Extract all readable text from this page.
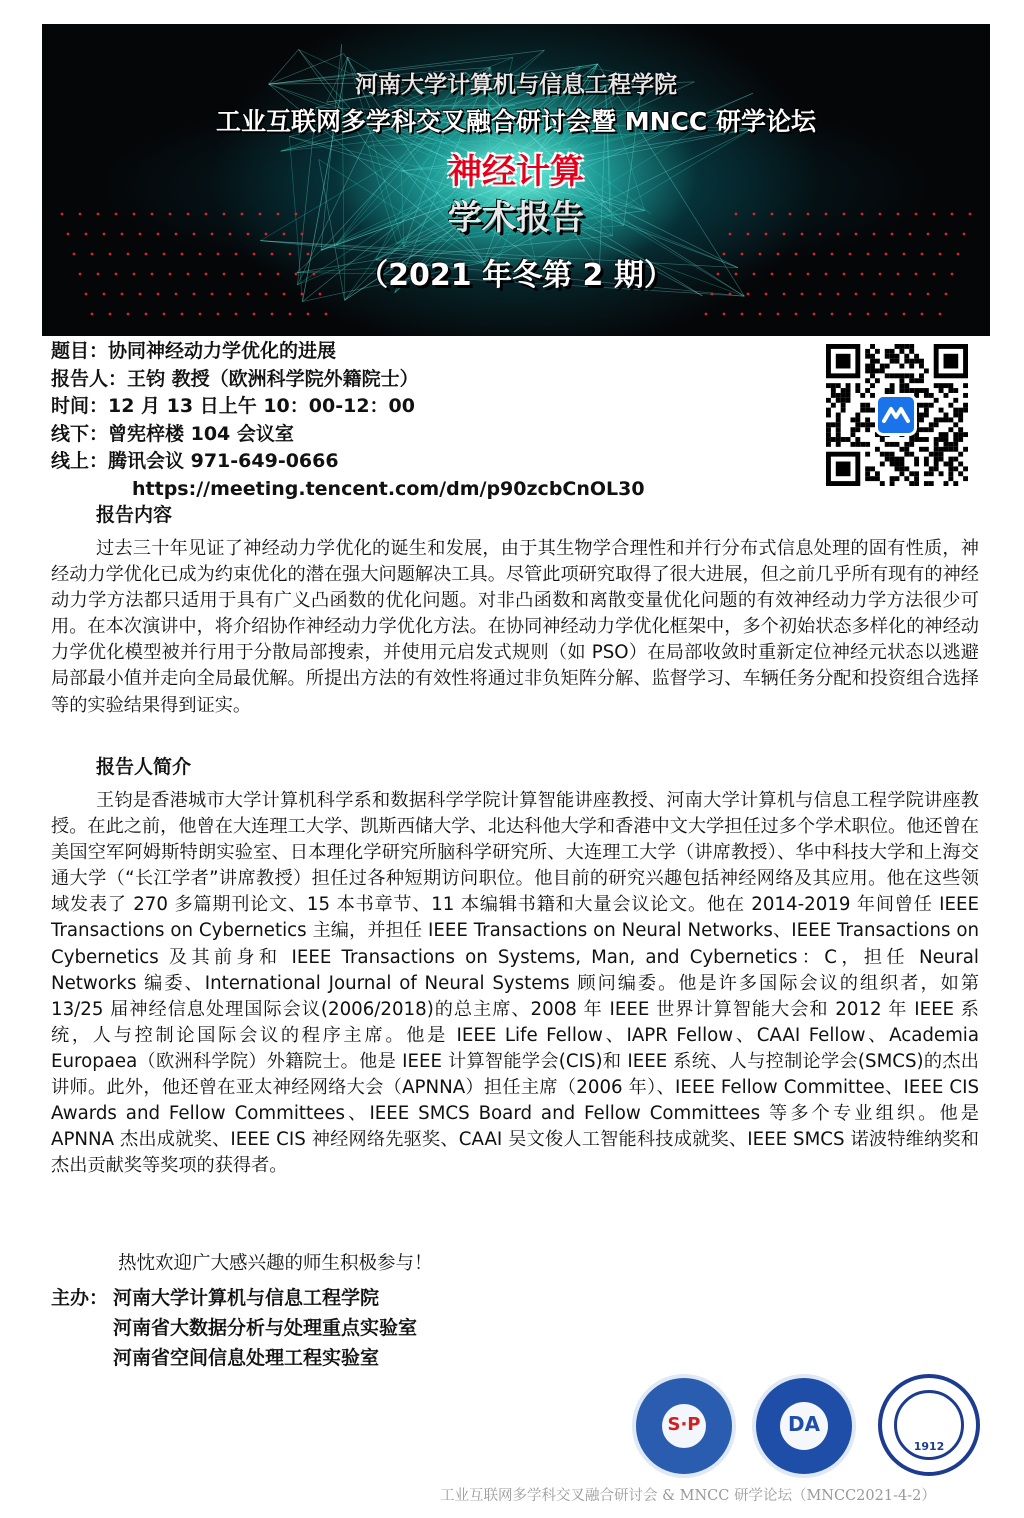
河南大学计算机与信息工程学院
工业互联网多学科交叉融合研讨会暨 MNCC 研学论坛
神经计算
学术报告
（2021 年冬第 2 期）
题目：协同神经动力学优化的进展
报告人：王钧 教授（欧洲科学院外籍院士）
时间：12 月 13 日上午 10：00-12：00
线下：曾宪梓楼 104 会议室
线上：腾讯会议 971-649-0666
https://meeting.tencent.com/dm/p90zcbCnOL30
报告内容
过去三十年见证了神经动力学优化的诞生和发展，由于其生物学合理性和并行分布式信息处理的固有性质，神经动力学优化已成为约束优化的潜在强大问题解决工具。尽管此项研究取得了很大进展，但之前几乎所有现有的神经动力学方法都只适用于具有广义凸函数的优化问题。对非凸函数和离散变量优化问题的有效神经动力学方法很少可用。在本次演讲中，将介绍协作神经动力学优化方法。在协同神经动力学优化框架中，多个初始状态多样化的神经动力学优化模型被并行用于分散局部搜索，并使用元启发式规则（如 PSO）在局部收敛时重新定位神经元状态以逃避局部最小值并走向全局最优解。所提出方法的有效性将通过非负矩阵分解、监督学习、车辆任务分配和投资组合选择等的实验结果得到证实。
报告人简介
王钧是香港城市大学计算机科学系和数据科学学院计算智能讲座教授、河南大学计算机与信息工程学院讲座教授。在此之前，他曾在大连理工大学、凯斯西储大学、北达科他大学和香港中文大学担任过多个学术职位。他还曾在美国空军阿姆斯特朗实验室、日本理化学研究所脑科学研究所、大连理工大学（讲席教授）、华中科技大学和上海交通大学（“长江学者”讲席教授）担任过各种短期访问职位。他目前的研究兴趣包括神经网络及其应用。他在这些领域发表了 270 多篇期刊论文、15 本书章节、11 本编辑书籍和大量会议论文。他在 2014-2019 年间曾任 IEEE Transactions on Cybernetics 主编，并担任 IEEE Transactions on Neural Networks、IEEE Transactions on Cybernetics 及其前身和 IEEE Transactions on Systems, Man, and Cybernetics：C，担任 Neural Networks 编委、International Journal of Neural Systems 顾问编委。他是许多国际会议的组织者，如第 13/25 届神经信息处理国际会议(2006/2018)的总主席、2008 年 IEEE 世界计算智能大会和 2012 年 IEEE 系统，人与控制论国际会议的程序主席。他是 IEEE Life Fellow、IAPR Fellow、CAAI Fellow、Academia Europaea（欧洲科学院）外籍院士。他是 IEEE 计算智能学会(CIS)和 IEEE 系统、人与控制论学会(SMCS)的杰出讲师。此外，他还曾在亚太神经网络大会（APNNA）担任主席（2006 年）、IEEE Fellow Committee、IEEE CIS Awards and Fellow Committees、IEEE SMCS Board and Fellow Committees 等多个专业组织。他是 APNNA 杰出成就奖、IEEE CIS 神经网络先驱奖、CAAI 吴文俊人工智能科技成就奖、IEEE SMCS 诺波特维纳奖和杰出贡献奖等奖项的获得者。
热忱欢迎广大感兴趣的师生积极参与！
主办： 河南大学计算机与信息工程学院
河南省大数据分析与处理重点实验室
河南省空间信息处理工程实验室
S·P	DA
1912
工业互联网多学科交叉融合研讨会 & MNCC 研学论坛（MNCC2021-4-2）
